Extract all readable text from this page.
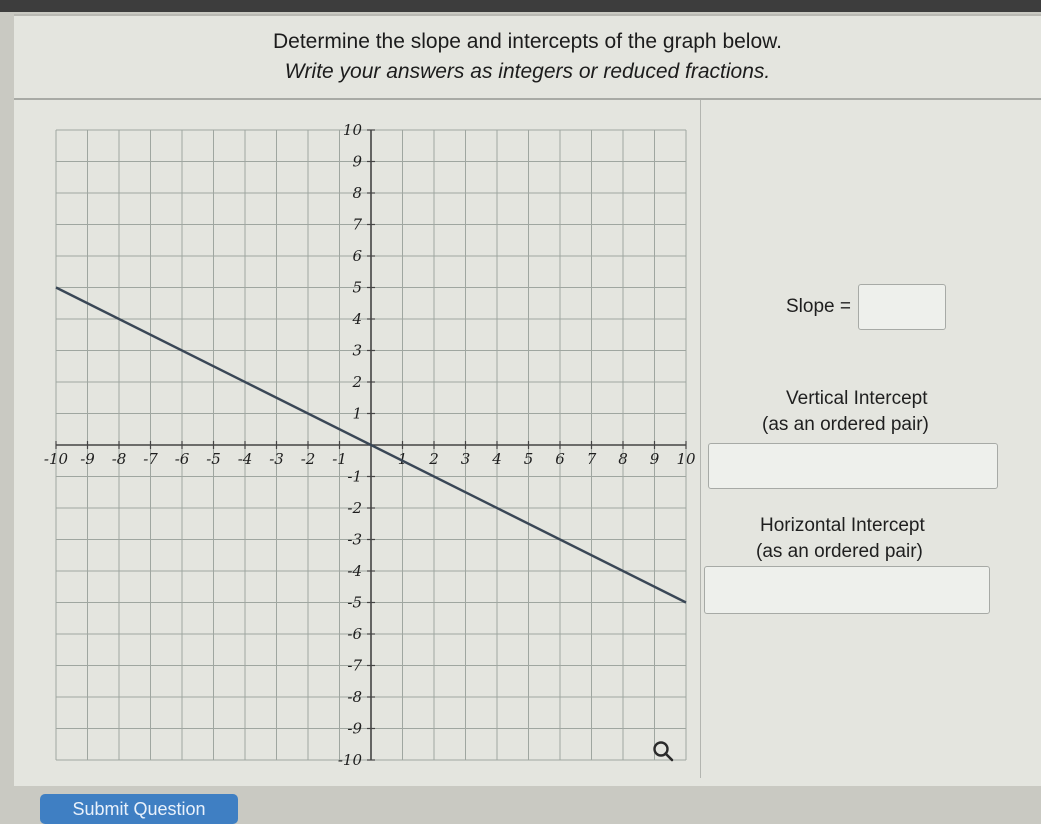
Determine the slope and intercepts of the graph below.
Write your answers as integers or reduced fractions.
-10 -9 -8 -7 -6 -5 -4 -3 -2 -1	1 2 3 4 5 6 7 8 9 10
10
9
8
7
6
5
4
3
2
1
-1
-2
-3
-4
-5
-6
-7
-8
-9
-10
Slope =
Vertical Intercept
(as an ordered pair)
Horizontal Intercept
(as an ordered pair)
Submit Question
